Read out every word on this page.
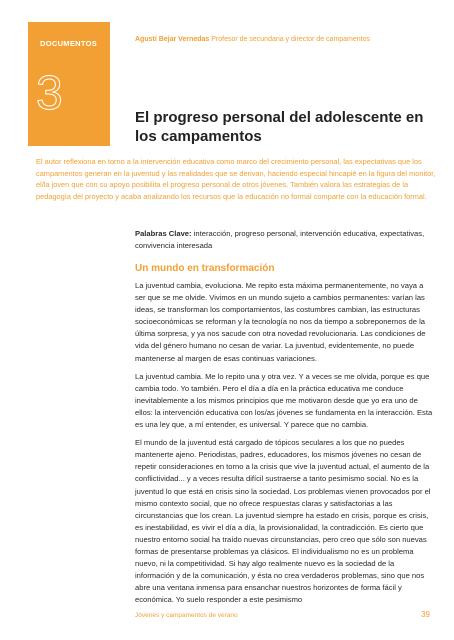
DOCUMENTOS
3
Agustí Bejar Vernedas Profesor de secundaria y director de campamentos
El progreso personal del adolescente en los campamentos

El autor reflexiona en torno a la intervención educativa como marco del crecimiento personal, las expectativas que los campamentos generan en la juventud y las realidades que se derivan, haciendo especial hincapié en la figura del monitor, el/la joven que con su apoyo posibilita el progreso personal de otros jóvenes. También valora las estrategias de la pedagogía del proyecto y acaba analizando los recursos que la educación no formal comparte con la educación formal.

Palabras Clave: interacción, progreso personal, intervención educativa, expectativas, convivencia interesada

Un mundo en transformación

La juventud cambia, evoluciona. Me repito esta máxima permanentemente, no vaya a ser que se me olvide. Vivimos en un mundo sujeto a cambios permanentes: varían las ideas, se transforman los comportamientos, las costumbres cambian, las estructuras socioeconómicas se reforman y la tecnología no nos da tiempo a sobreponernos de la última sorpresa, y ya nos sacude con otra novedad revolucionaria. Las condiciones de vida del género humano no cesan de variar. La juventud, evidentemente, no puede mantenerse al margen de esas continuas variaciones.

La juventud cambia. Me lo repito una y otra vez. Y a veces se me olvida, porque es que cambia todo. Yo también. Pero el día a día en la práctica educativa me conduce inevitablemente a los mismos principios que me motivaron desde que yo era uno de ellos: la intervención educativa con los/as jóvenes se fundamenta en la interacción. Esta es una ley que, a mí entender, es universal. Y parece que no cambia.

El mundo de la juventud está cargado de tópicos seculares a los que no puedes mantenerte ajeno. Periodistas, padres, educadores, los mismos jóvenes no cesan de repetir consideraciones en torno a la crisis que vive la juventud actual, el aumento de la conflictividad... y a veces resulta difícil sustraerse a tanto pesimismo social. No es la juventud lo que está en crisis sino la sociedad. Los problemas vienen provocados por el mismo contexto social, que no ofrece respuestas claras y satisfactorias a las circunstancias que los crean. La juventud siempre ha estado en crisis, porque es crisis, es inestabilidad, es vivir el día a día, la provisionalidad, la contradicción. Es cierto que nuestro entorno social ha traído nuevas circunstancias, pero creo que sólo son nuevas formas de presentarse problemas ya clásicos. El individualismo no es un problema nuevo, ni la competitividad. Si hay algo realmente nuevo es la sociedad de la información y de la comunicación, y ésta no crea verdaderos problemas, sino que nos abre una ventana inmensa para ensanchar nuestros horizontes de forma fácil y económica. Yo suelo responder a este pesimismo

Jóvenes y campamentos de verano	39
